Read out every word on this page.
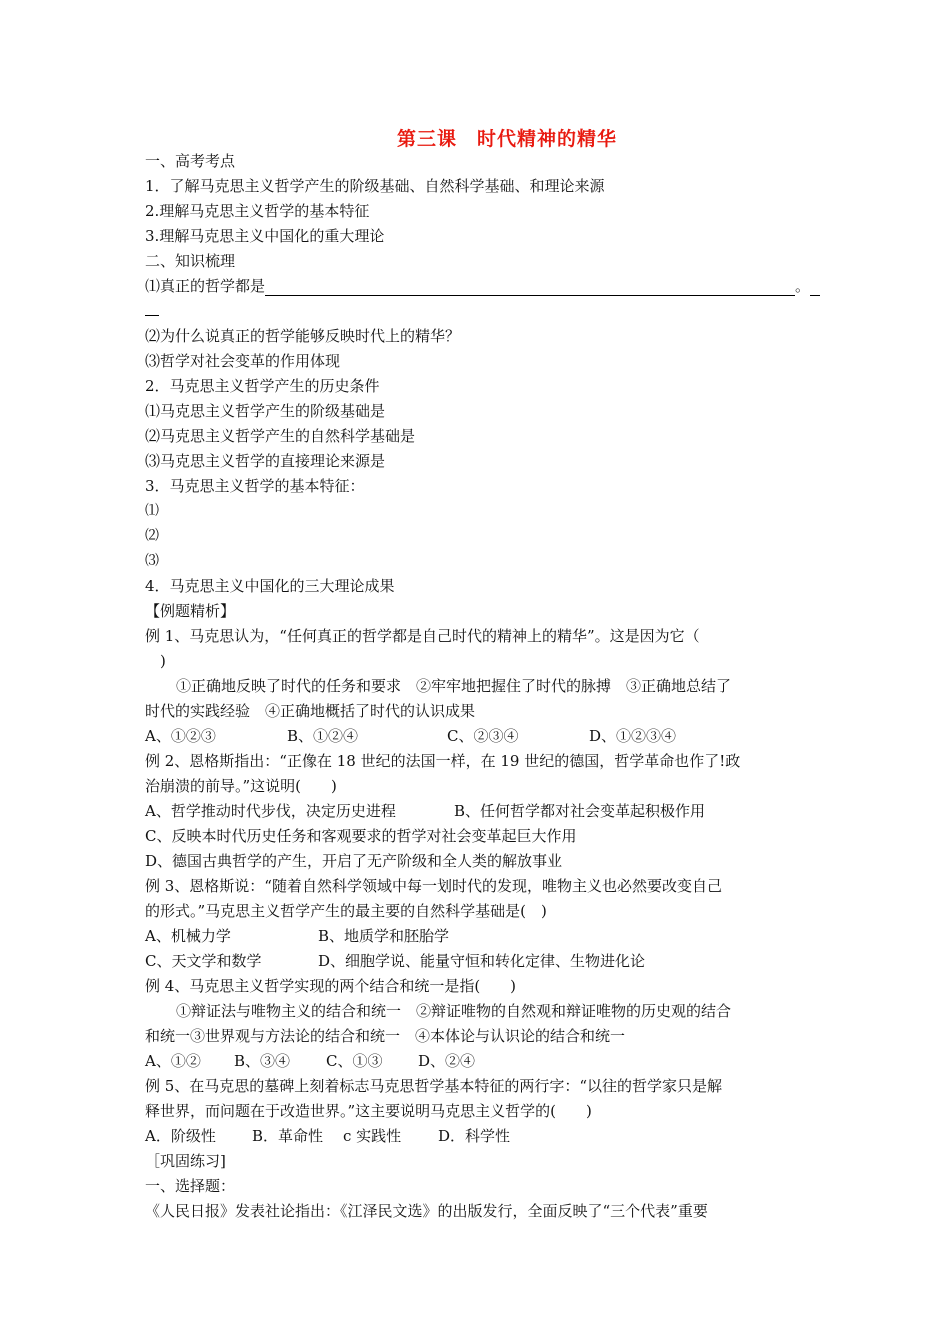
第三课　时代精神的精华
一、高考考点
1．了解马克思主义哲学产生的阶级基础、自然科学基础、和理论来源
2.理解马克思主义哲学的基本特征
3.理解马克思主义中国化的重大理论
二、知识梳理
⑴真正的哲学都是	。
⑵为什么说真正的哲学能够反映时代上的精华？
⑶哲学对社会变革的作用体现
2．马克思主义哲学产生的历史条件
⑴马克思主义哲学产生的阶级基础是
⑵马克思主义哲学产生的自然科学基础是
⑶马克思主义哲学的直接理论来源是
3．马克思主义哲学的基本特征：
⑴
⑵
⑶
4．马克思主义中国化的三大理论成果
【例题精析】
例 1、马克思认为，“任何真正的哲学都是自己时代的精神上的精华”。这是因为它（
　)
①正确地反映了时代的任务和要求　②牢牢地把握住了时代的脉搏　③正确地总结了
时代的实践经验　④正确地概括了时代的认识成果
A、①②③	B、①②④	C、②③④	D、①②③④
例 2、恩格斯指出：“正像在 18 世纪的法国一样，在 19 世纪的德国，哲学革命也作了!政
治崩溃的前导。”这说明(　　)
A、哲学推动时代步伐，决定历史进程	B、任何哲学都对社会变革起积极作用
C、反映本时代历史任务和客观要求的哲学对社会变革起巨大作用
D、德国古典哲学的产生，开启了无产阶级和全人类的解放事业
例 3、恩格斯说：“随着自然科学领域中每一划时代的发现，唯物主义也必然要改变自己
的形式。”马克思主义哲学产生的最主要的自然科学基础是(　)
A、机械力学	B、地质学和胚胎学
C、天文学和数学	D、细胞学说、能量守恒和转化定律、生物进化论
例 4、马克思主义哲学实现的两个结合和统一是指(　　)
①辩证法与唯物主义的结合和统一　②辩证唯物的自然观和辩证唯物的历史观的结合
和统一③世界观与方法论的结合和统一　④本体论与认识论的结合和统一
A、①② B、③④ C、①③ D、②④
例 5、在马克思的墓碑上刻着标志马克思哲学基本特征的两行字：“以往的哲学家只是解
释世界，而问题在于改造世界。”这主要说明马克思主义哲学的(　　)
A．阶级性 B．革命性 c 实践性 D．科学性
［巩固练习]
一、选择题：
《人民日报》发表社论指出：《江泽民文选》的出版发行，全面反映了“三个代表”重要
